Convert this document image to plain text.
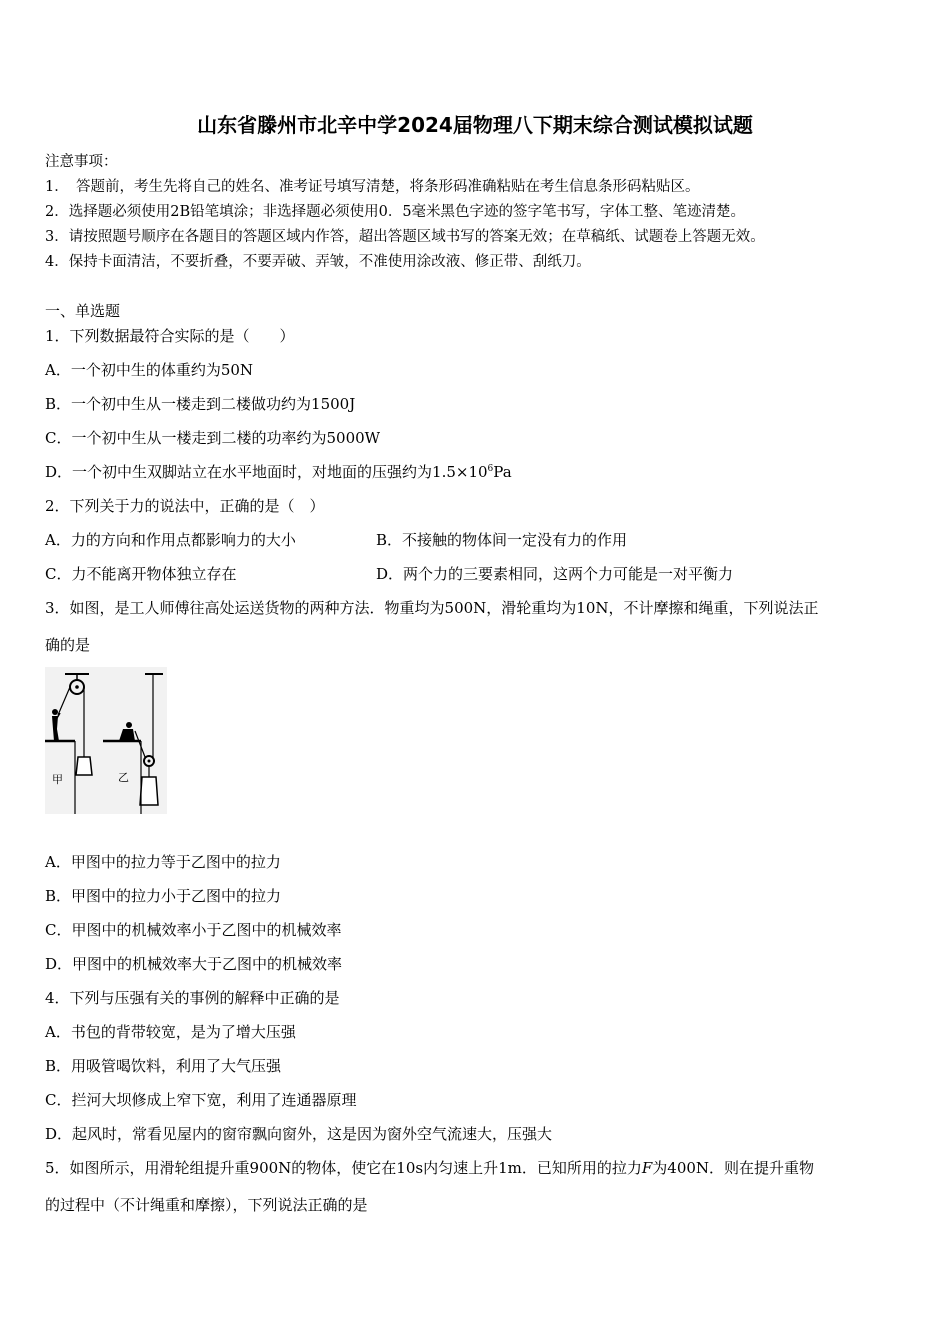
山东省滕州市北辛中学2024届物理八下期末综合测试模拟试题
注意事项：
1．　答题前，考生先将自己的姓名、准考证号填写清楚，将条形码准确粘贴在考生信息条形码粘贴区。
2．选择题必须使用2B铅笔填涂；非选择题必须使用0．5毫米黑色字迹的签字笔书写，字体工整、笔迹清楚。
3．请按照题号顺序在各题目的答题区域内作答，超出答题区域书写的答案无效；在草稿纸、试题卷上答题无效。
4．保持卡面清洁，不要折叠，不要弄破、弄皱，不准使用涂改液、修正带、刮纸刀。
一、单选题
1．下列数据最符合实际的是（　　）
A．一个初中生的体重约为50N
B．一个初中生从一楼走到二楼做功约为1500J
C．一个初中生从一楼走到二楼的功率约为5000W
D．一个初中生双脚站立在水平地面时，对地面的压强约为$1.5\times 10^6Pa$
2．下列关于力的说法中，正确的是（　）
A．力的方向和作用点都影响力的大小	B．不接触的物体间一定没有力的作用
C．力不能离开物体独立存在	D．两个力的三要素相同，这两个力可能是一对平衡力
3．如图，是工人师傅往高处运送货物的两种方法．物重均为500N，滑轮重均为10N，不计摩擦和绳重，下列说法正
确的是
甲	乙
A．甲图中的拉力等于乙图中的拉力
B．甲图中的拉力小于乙图中的拉力
C．甲图中的机械效率小于乙图中的机械效率
D．甲图中的机械效率大于乙图中的机械效率
4．下列与压强有关的事例的解释中正确的是
A．书包的背带较宽，是为了增大压强
B．用吸管喝饮料，利用了大气压强
C．拦河大坝修成上窄下宽，利用了连通器原理
D．起风时，常看见屋内的窗帘飘向窗外，这是因为窗外空气流速大，压强大
5．如图所示，用滑轮组提升重900N的物体，使它在10s内匀速上升1m．已知所用的拉力F为400N．则在提升重物
的过程中（不计绳重和摩擦），下列说法正确的是
